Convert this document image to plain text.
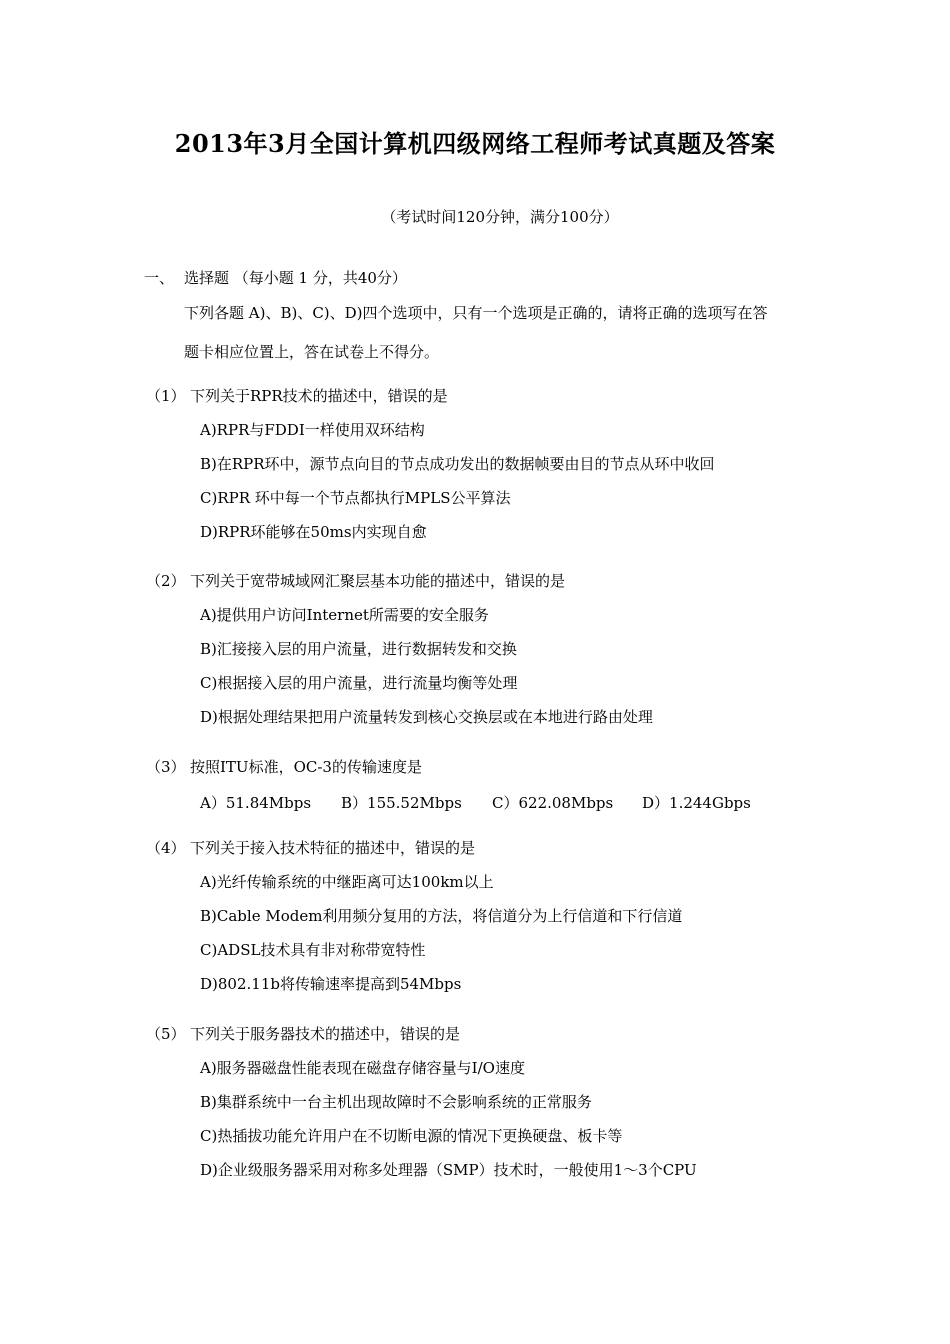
2013年3月全国计算机四级网络工程师考试真题及答案
（考试时间120分钟，满分100分）
一、 选择题 （每小题 1 分，共40分）
下列各题 A)、B)、C)、D)四个选项中，只有一个选项是正确的，请将正确的选项写在答
题卡相应位置上，答在试卷上不得分。
（1） 下列关于RPR技术的描述中，错误的是
A)RPR与FDDI一样使用双环结构
B)在RPR环中，源节点向目的节点成功发出的数据帧要由目的节点从环中收回
C)RPR 环中每一个节点都执行MPLS公平算法
D)RPR环能够在50ms内实现自愈
（2） 下列关于宽带城域网汇聚层基本功能的描述中，错误的是
A)提供用户访问Internet所需要的安全服务
B)汇接接入层的用户流量，进行数据转发和交换
C)根据接入层的用户流量，进行流量均衡等处理
D)根据处理结果把用户流量转发到核心交换层或在本地进行路由处理
（3） 按照ITU标准，OC-3的传输速度是
A）51.84Mbps B）155.52Mbps C）622.08Mbps D）1.244Gbps
（4） 下列关于接入技术特征的描述中，错误的是
A)光纤传输系统的中继距离可达100km以上
B)Cable Modem利用频分复用的方法，将信道分为上行信道和下行信道
C)ADSL技术具有非对称带宽特性
D)802.11b将传输速率提高到54Mbps
（5） 下列关于服务器技术的描述中，错误的是
A)服务器磁盘性能表现在磁盘存储容量与I/O速度
B)集群系统中一台主机出现故障时不会影响系统的正常服务
C)热插拔功能允许用户在不切断电源的情况下更换硬盘、板卡等
D)企业级服务器采用对称多处理器（SMP）技术时，一般使用1～3个CPU
